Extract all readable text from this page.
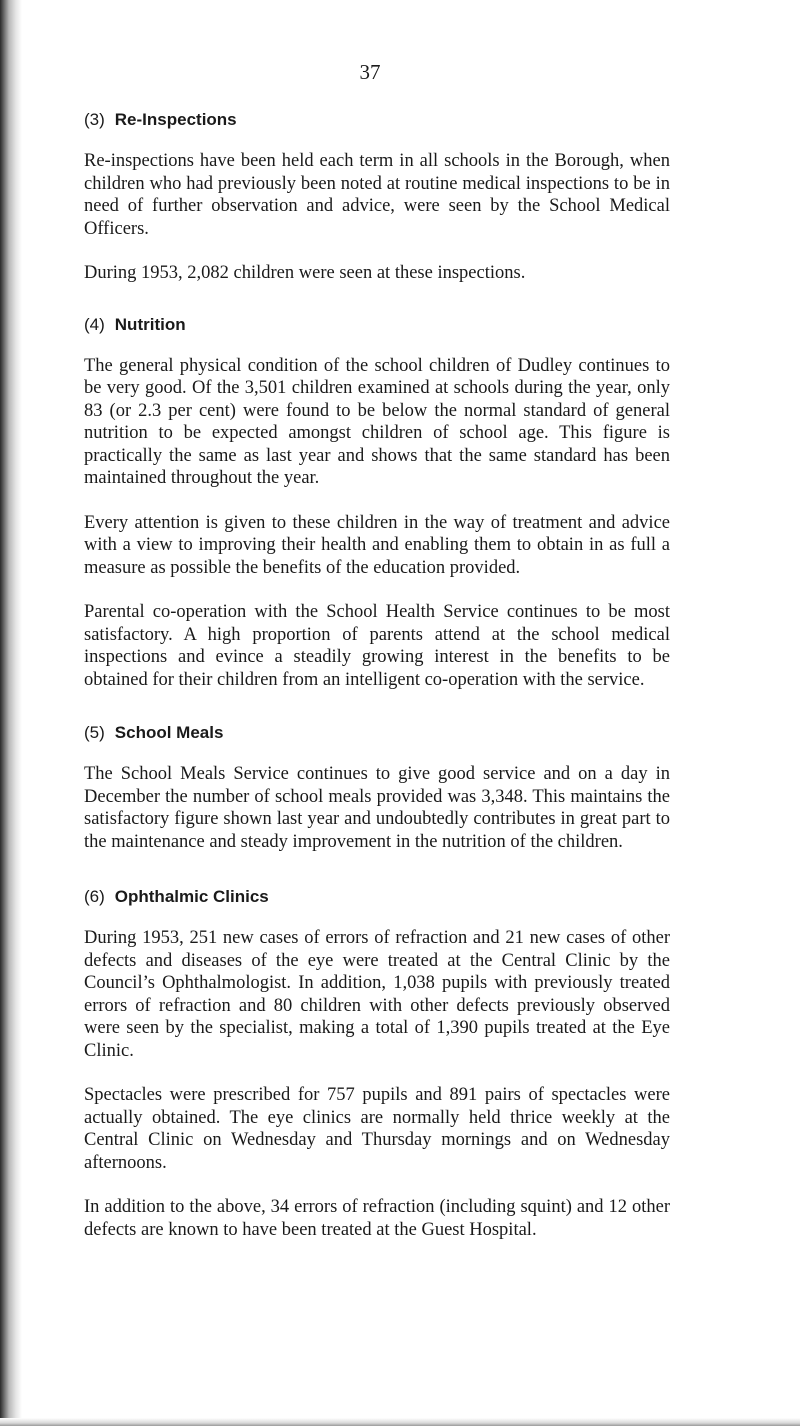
37
(3) Re-Inspections

Re-inspections have been held each term in all schools in the Borough, when children who had previously been noted at routine medical inspections to be in need of further observation and advice, were seen by the School Medical Officers.

During 1953, 2,082 children were seen at these inspections.

(4) Nutrition

The general physical condition of the school children of Dudley continues to be very good. Of the 3,501 children examined at schools during the year, only 83 (or 2.3 per cent) were found to be below the normal standard of general nutrition to be expected amongst children of school age. This figure is practically the same as last year and shows that the same standard has been maintained throughout the year.

Every attention is given to these children in the way of treatment and advice with a view to improving their health and enabling them to obtain in as full a measure as possible the benefits of the education provided.

Parental co-operation with the School Health Service continues to be most satisfactory. A high proportion of parents attend at the school medical inspections and evince a steadily growing interest in the benefits to be obtained for their children from an intelligent co-operation with the service.

(5) School Meals

The School Meals Service continues to give good service and on a day in December the number of school meals provided was 3,348. This maintains the satisfactory figure shown last year and undoubtedly contributes in great part to the maintenance and steady improvement in the nutrition of the children.

(6) Ophthalmic Clinics

During 1953, 251 new cases of errors of refraction and 21 new cases of other defects and diseases of the eye were treated at the Central Clinic by the Council’s Ophthalmologist. In addition, 1,038 pupils with previously treated errors of refraction and 80 children with other defects previously observed were seen by the specialist, making a total of 1,390 pupils treated at the Eye Clinic.

Spectacles were prescribed for 757 pupils and 891 pairs of spectacles were actually obtained. The eye clinics are normally held thrice weekly at the Central Clinic on Wednesday and Thursday mornings and on Wednesday afternoons.

In addition to the above, 34 errors of refraction (including squint) and 12 other defects are known to have been treated at the Guest Hospital.
